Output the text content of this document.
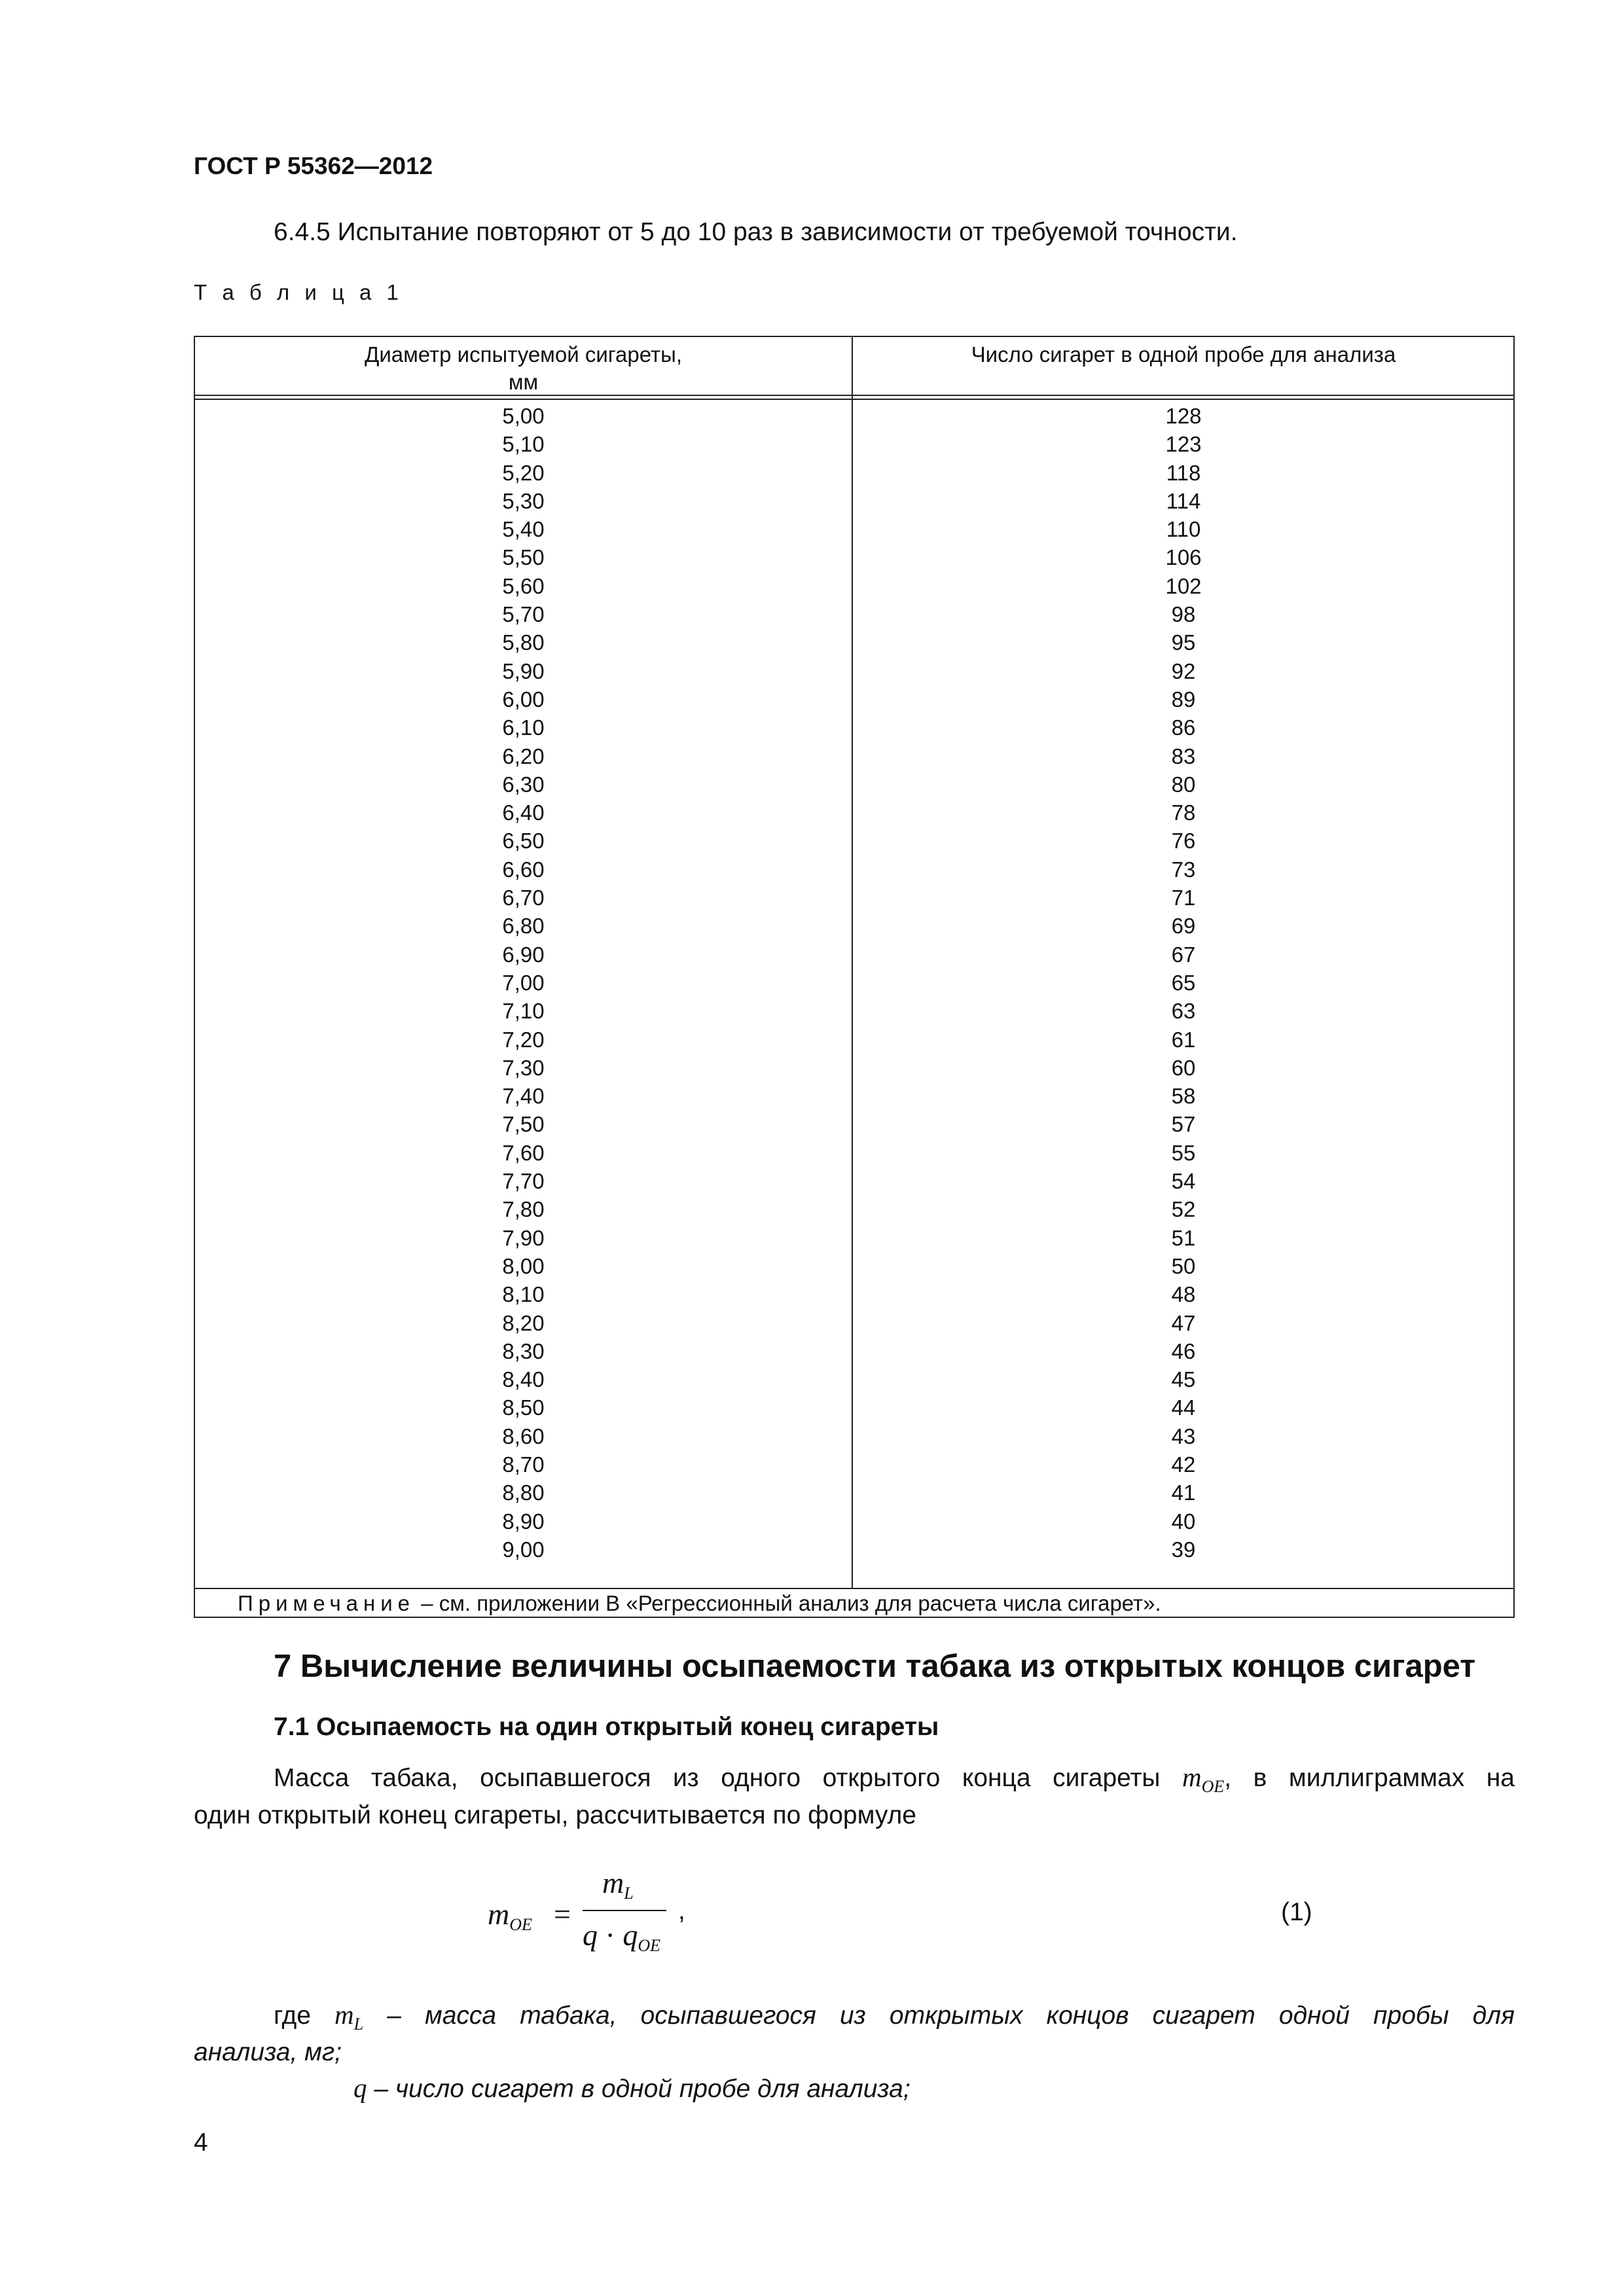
ГОСТ Р 55362—2012
6.4.5 Испытание повторяют от 5 до 10 раз в зависимости от требуемой точности.
Т а б л и ц а 1
Диаметр испытуемой сигареты,
мм
Число сигарет в одной пробе для анализа
5,00
5,10
5,20
5,30
5,40
5,50
5,60
5,70
5,80
5,90
6,00
6,10
6,20
6,30
6,40
6,50
6,60
6,70
6,80
6,90
7,00
7,10
7,20
7,30
7,40
7,50
7,60
7,70
7,80
7,90
8,00
8,10
8,20
8,30
8,40
8,50
8,60
8,70
8,80
8,90
9,00
128
123
118
114
110
106
102
98
95
92
89
86
83
80
78
76
73
71
69
67
65
63
61
60
58
57
55
54
52
51
50
48
47
46
45
44
43
42
41
40
39
Примечание – см. приложении В «Регрессионный анализ для расчета числа сигарет».
7 Вычисление величины осыпаемости табака из открытых концов сигарет
7.1 Осыпаемость на один открытый конец сигареты
Масса табака, осыпавшегося из одного открытого конца сигареты $m_{OE}$, в миллиграммах на
один открытый конец сигареты, рассчитывается по формуле
$m_{OE}$ =
$m_L$
$q \cdot q_{OE}$
,	(1)
где $m_L$ – масса табака, осыпавшегося из открытых концов сигарет одной пробы для
анализа, мг;
q – число сигарет в одной пробе для анализа;
4
